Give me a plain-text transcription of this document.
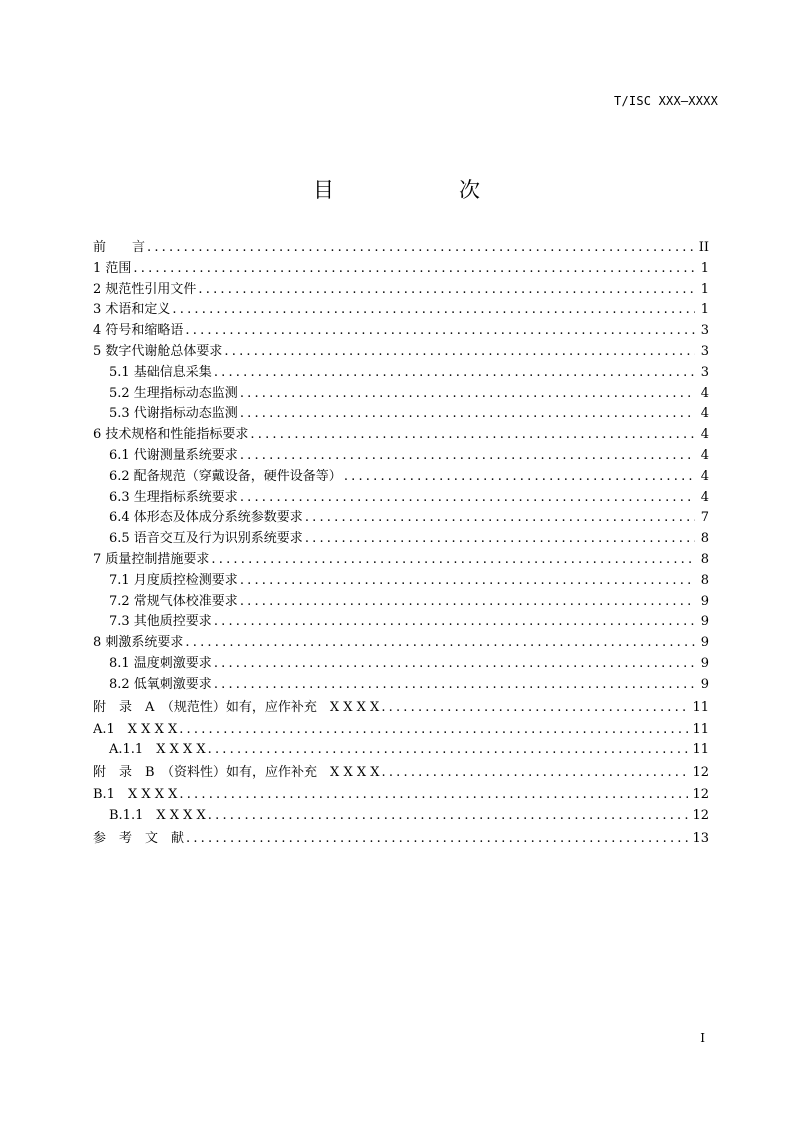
T/ISC XXX—XXXX
目　次
前　　言 .....	II
1 范围 .....	1
2 规范性引用文件 .....	1
3 术语和定义 .....	1
4 符号和缩略语 .....	3
5 数字代谢舱总体要求 .....	3
5.1 基础信息采集 .....	3
5.2 生理指标动态监测 .....	4
5.3 代谢指标动态监测 .....	4
6 技术规格和性能指标要求 .....	4
6.1 代谢测量系统要求 .....	4
6.2 配备规范（穿戴设备，硬件设备等） .....	4
6.3 生理指标系统要求 .....	4
6.4 体形态及体成分系统参数要求 .....	7
6.5 语音交互及行为识别系统要求 .....	8
7 质量控制措施要求 .....	8
7.1 月度质控检测要求 .....	8
7.2 常规气体校准要求 .....	9
7.3 其他质控要求 .....	9
8 刺激系统要求 .....	9
8.1 温度刺激要求 .....	9
8.2 低氧刺激要求 .....	9
附　录　A　（规范性）如有，应作补充　X X X X .....	11
A.1　X X X X .....	11
A.1.1　X X X X .....	11
附　录　B　（资料性）如有，应作补充　X X X X .....	12
B.1　X X X X .....	12
B.1.1　X X X X .....	12
参　考　文　献 .....	13
I
